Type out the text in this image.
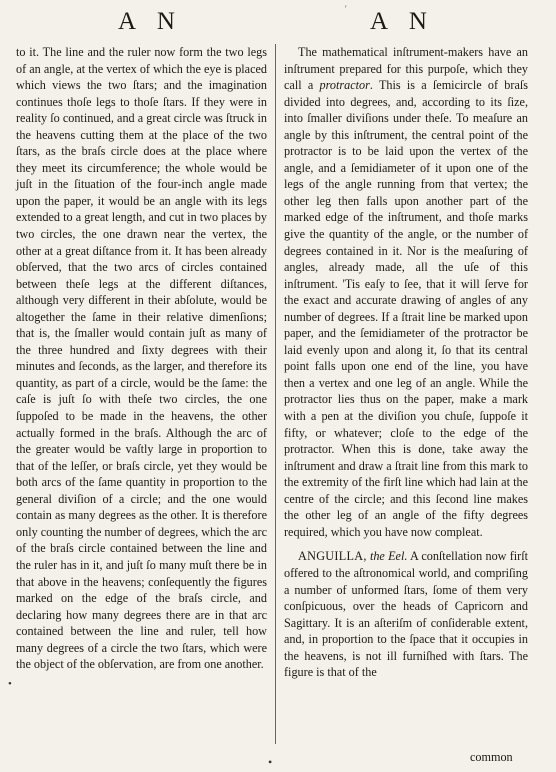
A N	' A N

to it. The line and the ruler now form the two legs of an angle, at the vertex of which the eye is placed which views the two ſtars; and the imagination continues thoſe legs to thoſe ſtars. If they were in reality ſo continued, and a great circle was ſtruck in the heavens cutting them at the place of the two ſtars, as the braſs circle does at the place where they meet its circumference; the whole would be juſt in the ſituation of the four-inch angle made upon the paper, it would be an angle with its legs extended to a great length, and cut in two places by two circles, the one drawn near the vertex, the other at a great diſtance from it. It has been already obſerved, that the two arcs of circles contained between theſe legs at the different diſtances, although very different in their abſolute, would be altogether the ſame in their relative dimenſions; that is, the ſmaller would contain juſt as many of the three hundred and ſixty degrees with their minutes and ſeconds, as the larger, and therefore its quantity, as part of a circle, would be the ſame: the caſe is juſt ſo with theſe two circles, the one ſuppoſed to be made in the heavens, the other actually formed in the braſs. Although the arc of the greater would be vaſtly large in proportion to that of the leſſer, or braſs circle, yet they would be both arcs of the ſame quantity in proportion to the general diviſion of a circle; and the one would contain as many degrees as the other. It is therefore only counting the number of degrees, which the arc of the braſs circle contained between the line and the ruler has in it, and juſt ſo many muſt there be in that above in the heavens; conſequently the figures marked on the edge of the braſs circle, and declaring how many degrees there are in that arc contained between the line and ruler, tell how many degrees of a circle the two ſtars, which were the object of the obſervation, are from one another.

The mathematical inſtrument-makers have an inſtrument prepared for this purpoſe, which they call a protractor. This is a ſemicircle of braſs divided into degrees, and, according to its ſize, into ſmaller diviſions under theſe. To meaſure an angle by this inſtrument, the central point of the protractor is to be laid upon the vertex of the angle, and a ſemidiameter of it upon one of the legs of the angle running from that vertex; the other leg then falls upon another part of the marked edge of the inſtrument, and thoſe marks give the quantity of the angle, or the number of degrees contained in it. Nor is the meaſuring of angles, already made, all the uſe of this inſtrument. 'Tis eaſy to ſee, that it will ſerve for the exact and accurate drawing of angles of any number of degrees. If a ſtrait line be marked upon paper, and the ſemidiameter of the protractor be laid evenly upon and along it, ſo that its central point falls upon one end of the line, you have then a vertex and one leg of an angle. While the protractor lies thus on the paper, make a mark with a pen at the diviſion you chuſe, ſuppoſe it fifty, or whatever; cloſe to the edge of the protractor. When this is done, take away the inſtrument and draw a ſtrait line from this mark to the extremity of the firſt line which had lain at the centre of the circle; and this ſecond line makes the other leg of an angle of the fifty degrees required, which you have now compleat.

ANGUILLA, the Eel. A conſtellation now firſt offered to the aſtronomical world, and compriſing a number of unformed ſtars, ſome of them very conſpicuous, over the heads of Capricorn and Sagittary. It is an aſteriſm of conſiderable extent, and, in proportion to the ſpace that it occupies in the heavens, is not ill furniſhed with ſtars. The figure is that of the

•
•	common
